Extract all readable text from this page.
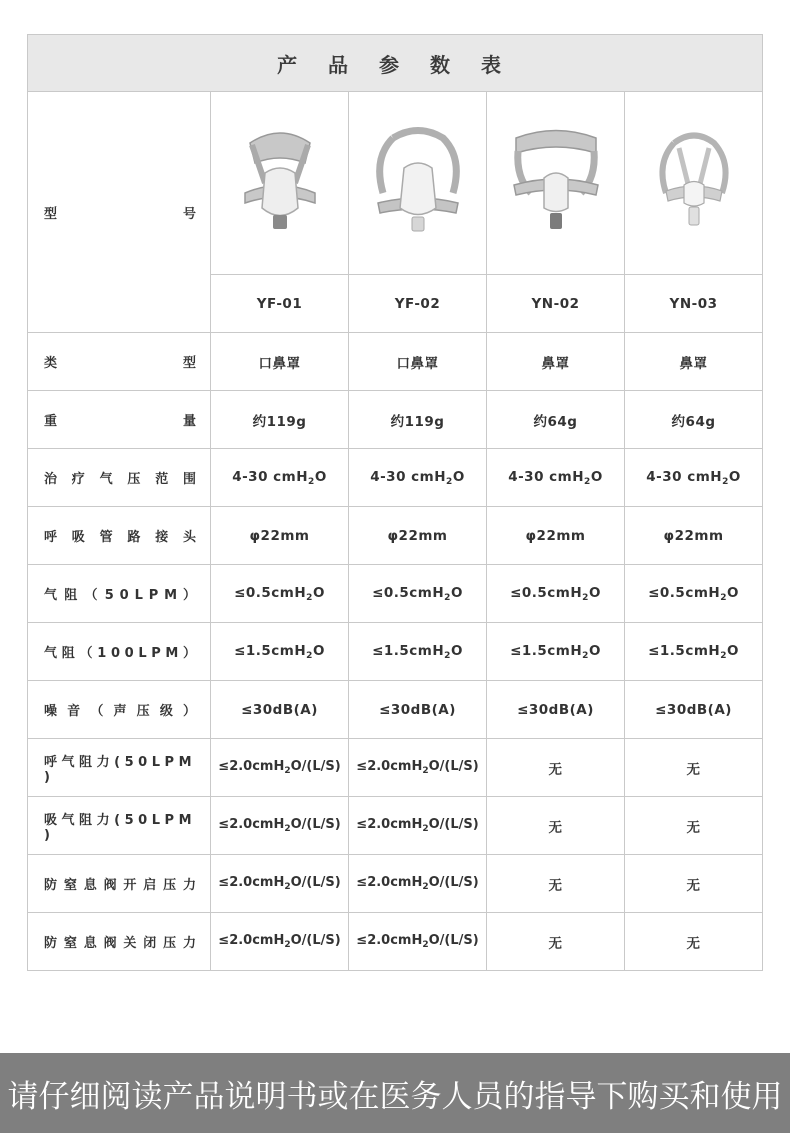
产 品 参 数 表				
型 号	

	YF-01	YF-02	YN-02	YN-03
类 型	口鼻罩	口鼻罩	鼻罩	鼻罩
重 量	约119g	约119g	约64g	约64g
治 疗 气 压 范 围	4-30 cmH$_2$O	4-30 cmH$_2$O	4-30 cmH$_2$O	4-30 cmH$_2$O
呼 吸 管 路 接 头	φ22mm	φ22mm	φ22mm	φ22mm
气 阻 （ 5 0 L P M ）	≤0.5cmH$_2$O	≤0.5cmH$_2$O	≤0.5cmH$_2$O	≤0.5cmH$_2$O
气 阻 （ 1 0 0 L P M ）	≤1.5cmH$_2$O	≤1.5cmH$_2$O	≤1.5cmH$_2$O	≤1.5cmH$_2$O
噪 音 （ 声 压 级 ）	≤30dB(A)	≤30dB(A)	≤30dB(A)	≤30dB(A)
呼 气 阻 力 ( 5 0 L P M )	≤2.0cmH$_2$O/(L/S)	≤2.0cmH$_2$O/(L/S)	无	无
吸 气 阻 力 ( 5 0 L P M )	≤2.0cmH$_2$O/(L/S)	≤2.0cmH$_2$O/(L/S)	无	无
防 窒 息 阀 开 启 压 力	≤2.0cmH$_2$O/(L/S)	≤2.0cmH$_2$O/(L/S)	无	无
防 窒 息 阀 关 闭 压 力	≤2.0cmH$_2$O/(L/S)	≤2.0cmH$_2$O/(L/S)	无	无
请仔细阅读产品说明书或在医务人员的指导下购买和使用
